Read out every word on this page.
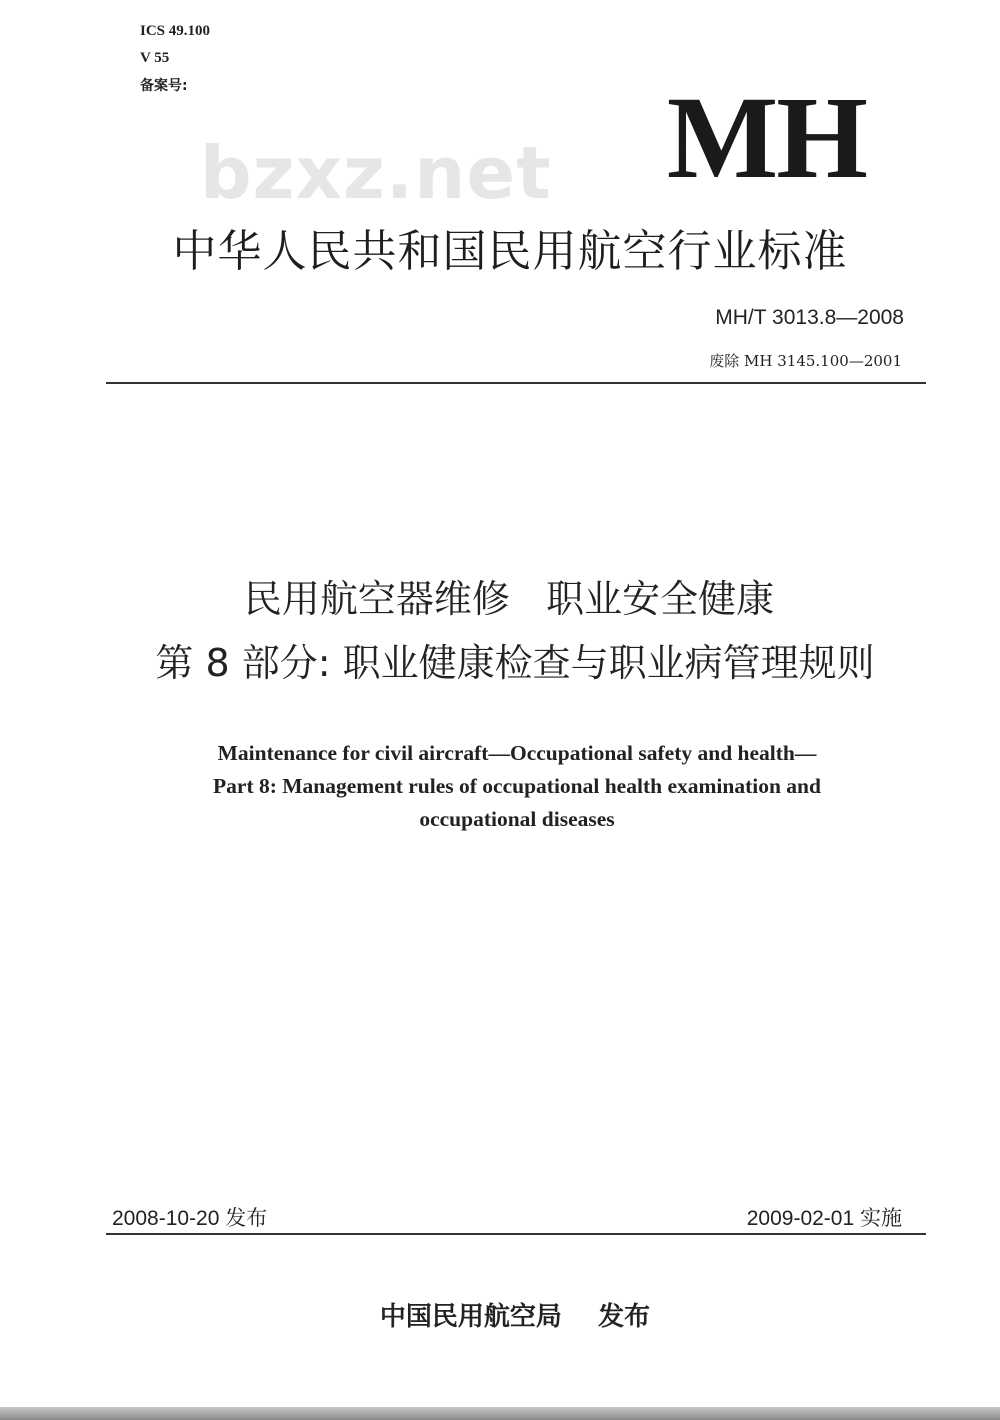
ICS 49.100
V 55
备案号:
bzxz.net MH
中华人民共和国民用航空行业标准
MH/T 3013.8—2008
废除 MH 3145.100—2001
民用航空器维修   职业安全健康
第 8 部分: 职业健康检查与职业病管理规则
Maintenance for civil aircraft—Occupational safety and health—
Part 8: Management rules of occupational health examination and
occupational diseases
2008-10-20 发布	2009-02-01 实施
中国民用航空局    发布
